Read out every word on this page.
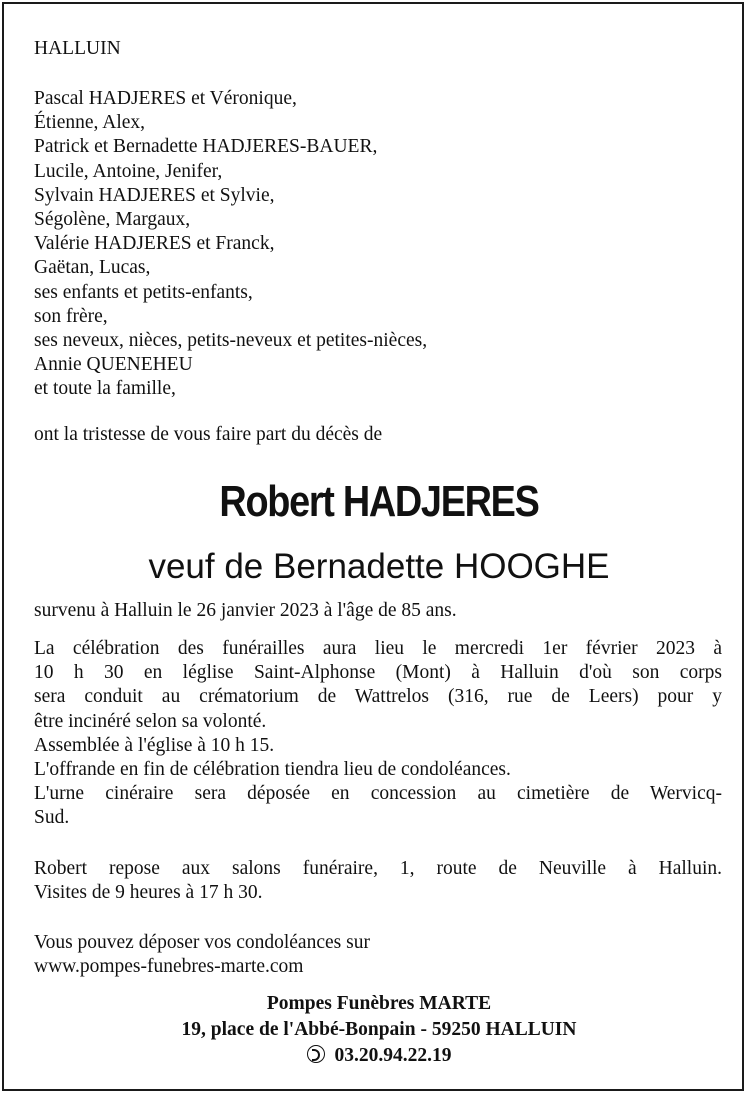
HALLUIN
Pascal HADJERES et Véronique,
Étienne, Alex,
Patrick et Bernadette HADJERES-BAUER,
Lucile, Antoine, Jenifer,
Sylvain HADJERES et Sylvie,
Ségolène, Margaux,
Valérie HADJERES et Franck,
Gaëtan, Lucas,
ses enfants et petits-enfants,
son frère,
ses neveux, nièces, petits-neveux et petites-nièces,
Annie QUENEHEU
et toute la famille,
ont la tristesse de vous faire part du décès de
Robert HADJERES
veuf de Bernadette HOOGHE
survenu à Halluin le 26 janvier 2023 à l'âge de 85 ans.
La célébration des funérailles aura lieu le mercredi 1er février 2023 à
10 h 30 en léglise Saint-Alphonse (Mont) à Halluin d'où son corps
sera conduit au crématorium de Wattrelos (316, rue de Leers) pour y
être incinéré selon sa volonté.
Assemblée à l'église à 10 h 15.
L'offrande en fin de célébration tiendra lieu de condoléances.
L'urne cinéraire sera déposée en concession au cimetière de Wervicq-
Sud.
Robert repose aux salons funéraire, 1, route de Neuville à Halluin.
Visites de 9 heures à 17 h 30.
Vous pouvez déposer vos condoléances sur
www.pompes-funebres-marte.com
Pompes Funèbres MARTE
19, place de l'Abbé-Bonpain - 59250 HALLUIN
03.20.94.22.19
